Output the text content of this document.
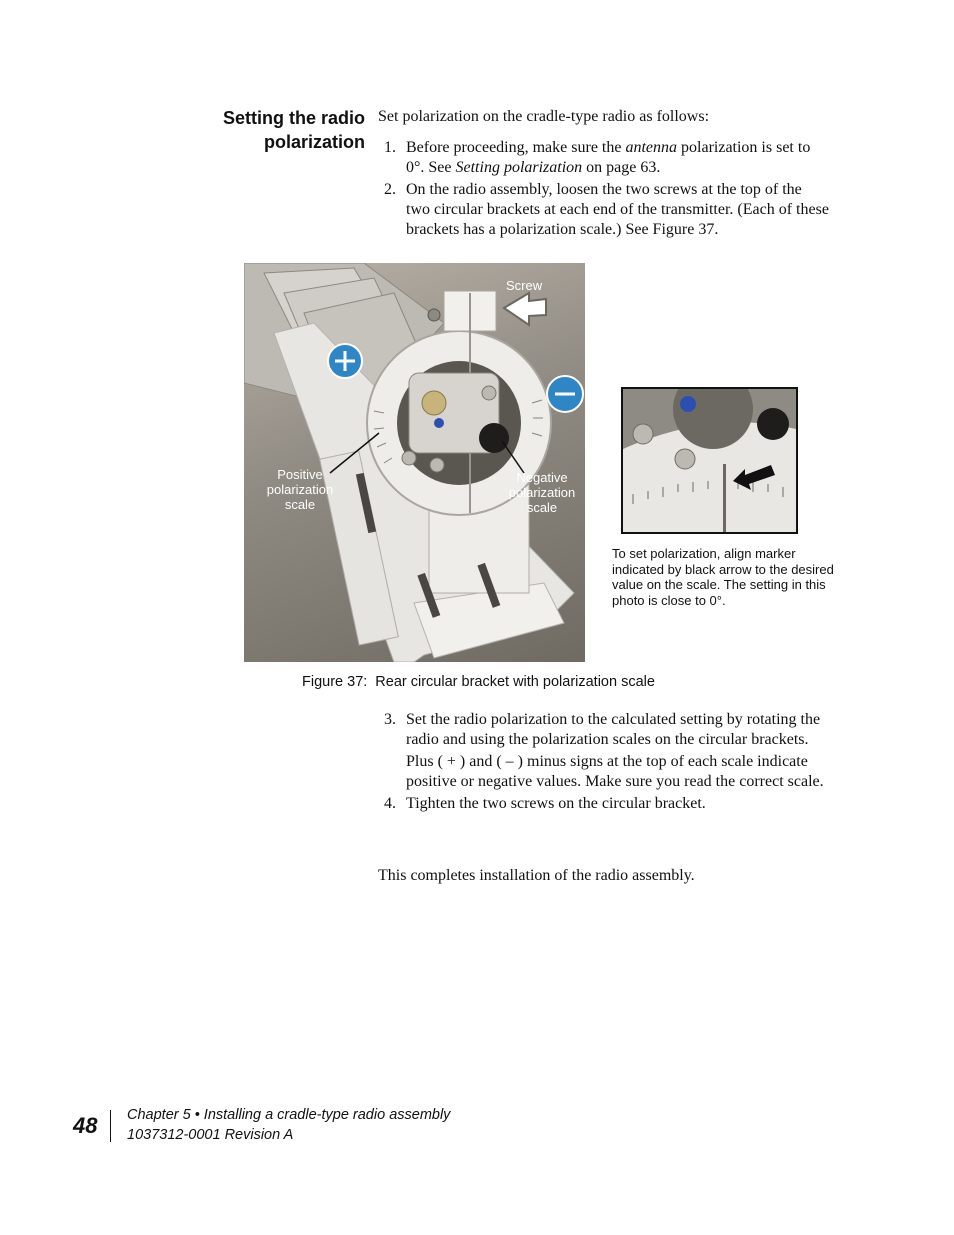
Setting the radio
polarization
Set polarization on the cradle-type radio as follows:
1. Before proceeding, make sure the antenna polarization is set to 0°. See Setting polarization on page 63.
2. On the radio assembly, loosen the two screws at the top of the two circular brackets at each end of the transmitter. (Each of these brackets has a polarization scale.) See Figure 37.
Screw
Positive
polarization
scale
Negative
polarization
scale
To set polarization, align marker indicated by black arrow to the desired value on the scale. The setting in this photo is close to 0°.
Figure 37: Rear circular bracket with polarization scale
3. Set the radio polarization to the calculated setting by rotating the radio and using the polarization scales on the circular brackets.

Plus ( + ) and ( – ) minus signs at the top of each scale indicate positive or negative values. Make sure you read the correct scale.

4. Tighten the two screws on the circular bracket.

This completes installation of the radio assembly.
48 Chapter 5 • Installing a cradle-type radio assembly
1037312-0001 Revision A
